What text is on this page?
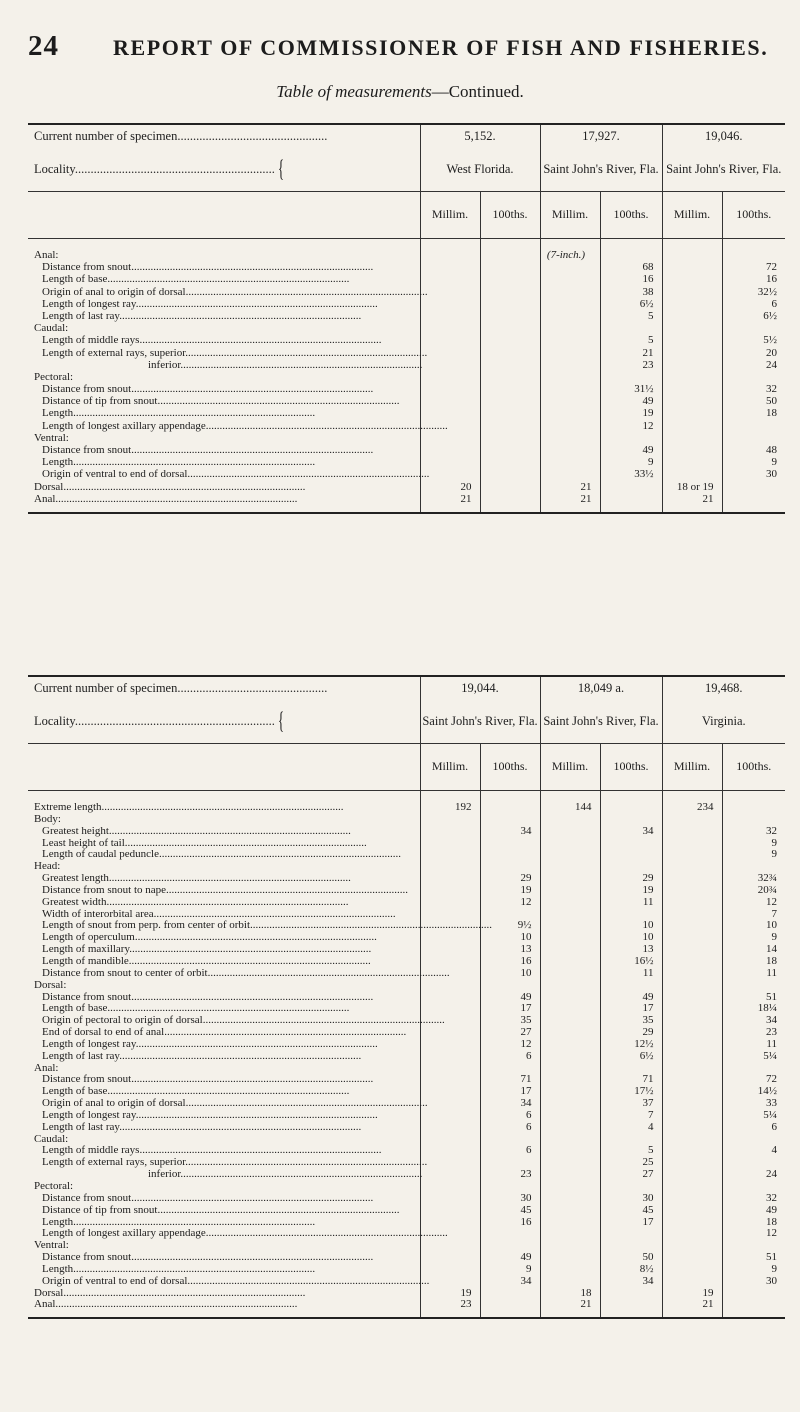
24 REPORT OF COMMISSIONER OF FISH AND FISHERIES.
Table of measurements—Continued.
Current number of specimen................................................	5,152.		17,927.		19,046.	
Locality................................................................ {	West Florida.		Saint John's River, Fla.		Saint John's River, Fla.	
	Millim.	100ths.	Millim.	100ths.	Millim.	100ths.

Anal:			(7-inch.)			

Distance from snout........................................................................................				68		72
Length of base........................................................................................				16		16
Origin of anal to origin of dorsal........................................................................................				38		32½
Length of longest ray........................................................................................				6½		6
Length of last ray........................................................................................				5		6½
Caudal:						
Length of middle rays........................................................................................				5		5½
Length of external rays, superior........................................................................................				21		20
inferior........................................................................................				23		24
Pectoral:						
Distance from snout........................................................................................				31½		32
Distance of tip from snout........................................................................................				49		50
Length........................................................................................				19		18
Length of longest axillary appendage........................................................................................				12		
Ventral:						
Distance from snout........................................................................................				49		48
Length........................................................................................				9		9
Origin of ventral to end of dorsal........................................................................................				33½		30
Dorsal........................................................................................	20		21		18 or 19	
Anal........................................................................................	21		21		21	

Current number of specimen................................................	19,044.		18,049 a.		19,468.	
Locality................................................................ {	Saint John's River, Fla.		Saint John's River, Fla.		Virginia.	
	Millim.	100ths.	Millim.	100ths.	Millim.	100ths.

Extreme length........................................................................................	192		144		234	
Body:						
Greatest height........................................................................................		34		34		32
Least height of tail........................................................................................						9
Length of caudal peduncle........................................................................................						9
Head:						
Greatest length........................................................................................		29		29		32¾
Distance from snout to nape........................................................................................		19		19		20¾
Greatest width........................................................................................		12		11		12
Width of interorbital area........................................................................................						7
Length of snout from perp. from center of orbit........................................................................................		9½		10		10
Length of operculum........................................................................................		10		10		9
Length of maxillary........................................................................................		13		13		14
Length of mandible........................................................................................		16		16½		18
Distance from snout to center of orbit........................................................................................		10		11		11
Dorsal:						
Distance from snout........................................................................................		49		49		51
Length of base........................................................................................		17		17		18¼
Origin of pectoral to origin of dorsal........................................................................................		35		35		34
End of dorsal to end of anal........................................................................................		27		29		23
Length of longest ray........................................................................................		12		12½		11
Length of last ray........................................................................................		6		6½		5¼
Anal:						
Distance from snout........................................................................................		71		71		72
Length of base........................................................................................		17		17½		14½
Origin of anal to origin of dorsal........................................................................................		34		37		33
Length of longest ray........................................................................................		6		7		5¼
Length of last ray........................................................................................		6		4		6
Caudal:						
Length of middle rays........................................................................................		6		5		4
Length of external rays, superior........................................................................................				25		
inferior........................................................................................		23		27		24
Pectoral:						
Distance from snout........................................................................................		30		30		32
Distance of tip from snout........................................................................................		45		45		49
Length........................................................................................		16		17		18
Length of longest axillary appendage........................................................................................						12
Ventral:						
Distance from snout........................................................................................		49		50		51
Length........................................................................................		9		8½		9
Origin of ventral to end of dorsal........................................................................................		34		34		30
Dorsal........................................................................................	19		18		19	
Anal........................................................................................	23		21		21	
